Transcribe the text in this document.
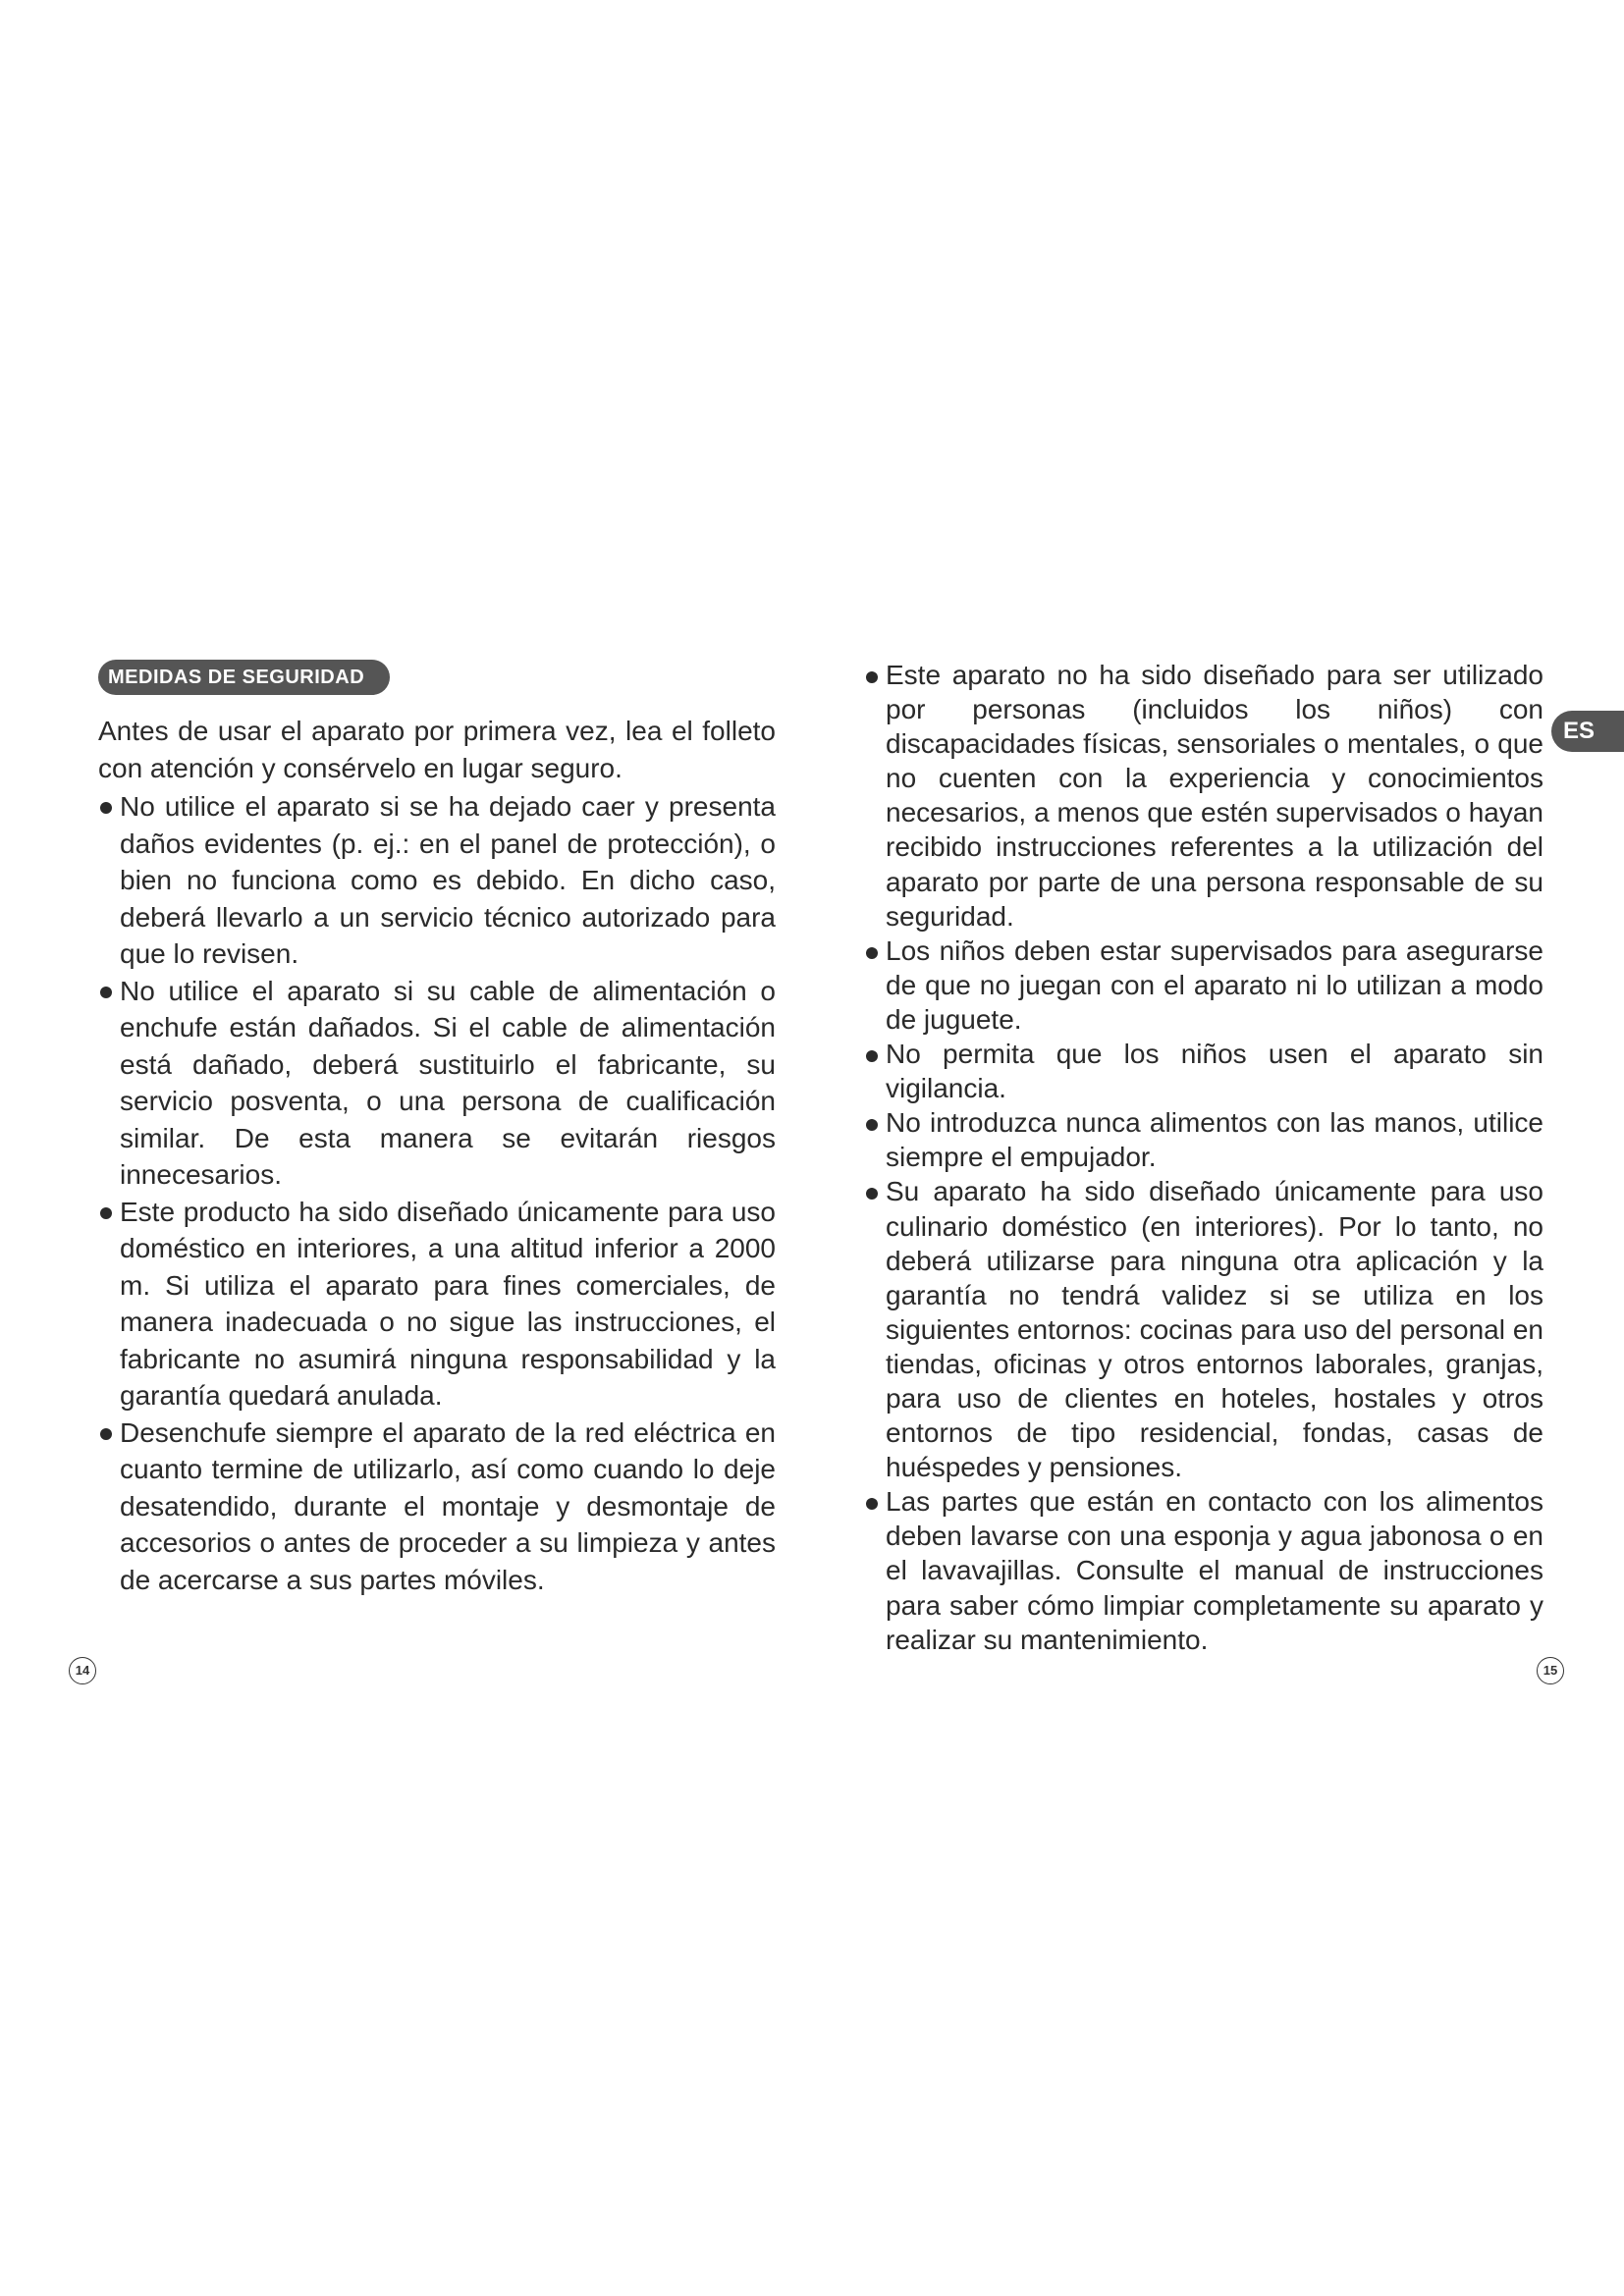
MEDIDAS DE SEGURIDAD

Antes de usar el aparato por primera vez, lea el folleto con atención y consérvelo en lugar seguro.

No utilice el aparato si se ha dejado caer y presenta daños evidentes (p. ej.: en el panel de protección), o bien no funciona como es debido. En dicho caso, deberá llevarlo a un servicio técnico autorizado para que lo revisen.
No utilice el aparato si su cable de alimentación o enchufe están dañados. Si el cable de alimentación está dañado, deberá sustituirlo el fabricante, su servicio posventa, o una persona de cualificación similar. De esta manera se evitarán riesgos innecesarios.
Este producto ha sido diseñado únicamente para uso doméstico en interiores, a una altitud inferior a 2000 m. Si utiliza el aparato para fines comerciales, de manera inadecuada o no sigue las instrucciones, el fabricante no asumirá ninguna responsabilidad y la garantía quedará anulada.
Desenchufe siempre el aparato de la red eléctrica en cuanto termine de utilizarlo, así como cuando lo deje desatendido, durante el montaje y desmontaje de accesorios o antes de proceder a su limpieza y antes de acercarse a sus partes móviles.
Este aparato no ha sido diseñado para ser utilizado por personas (incluidos los niños) con discapacidades físicas, sensoriales o mentales, o que no cuenten con la experiencia y conocimientos necesarios, a menos que estén supervisados o hayan recibido instrucciones referentes a la utilización del aparato por parte de una persona responsable de su seguridad.
Los niños deben estar supervisados para asegurarse de que no juegan con el aparato ni lo utilizan a modo de juguete.
No permita que los niños usen el aparato sin vigilancia.
No introduzca nunca alimentos con las manos, utilice siempre el empujador.
Su aparato ha sido diseñado únicamente para uso culinario doméstico (en interiores). Por lo tanto, no deberá utilizarse para ninguna otra aplicación y la garantía no tendrá validez si se utiliza en los siguientes entornos: cocinas para uso del personal en tiendas, oficinas y otros entornos laborales, granjas, para uso de clientes en hoteles, hostales y otros entornos de tipo residencial, fondas, casas de huéspedes y pensiones.
Las partes que están en contacto con los alimentos deben lavarse con una esponja y agua jabonosa o en el lavavajillas. Consulte el manual de instrucciones para saber cómo limpiar completamente su aparato y realizar su mantenimiento.
ES
14	15
